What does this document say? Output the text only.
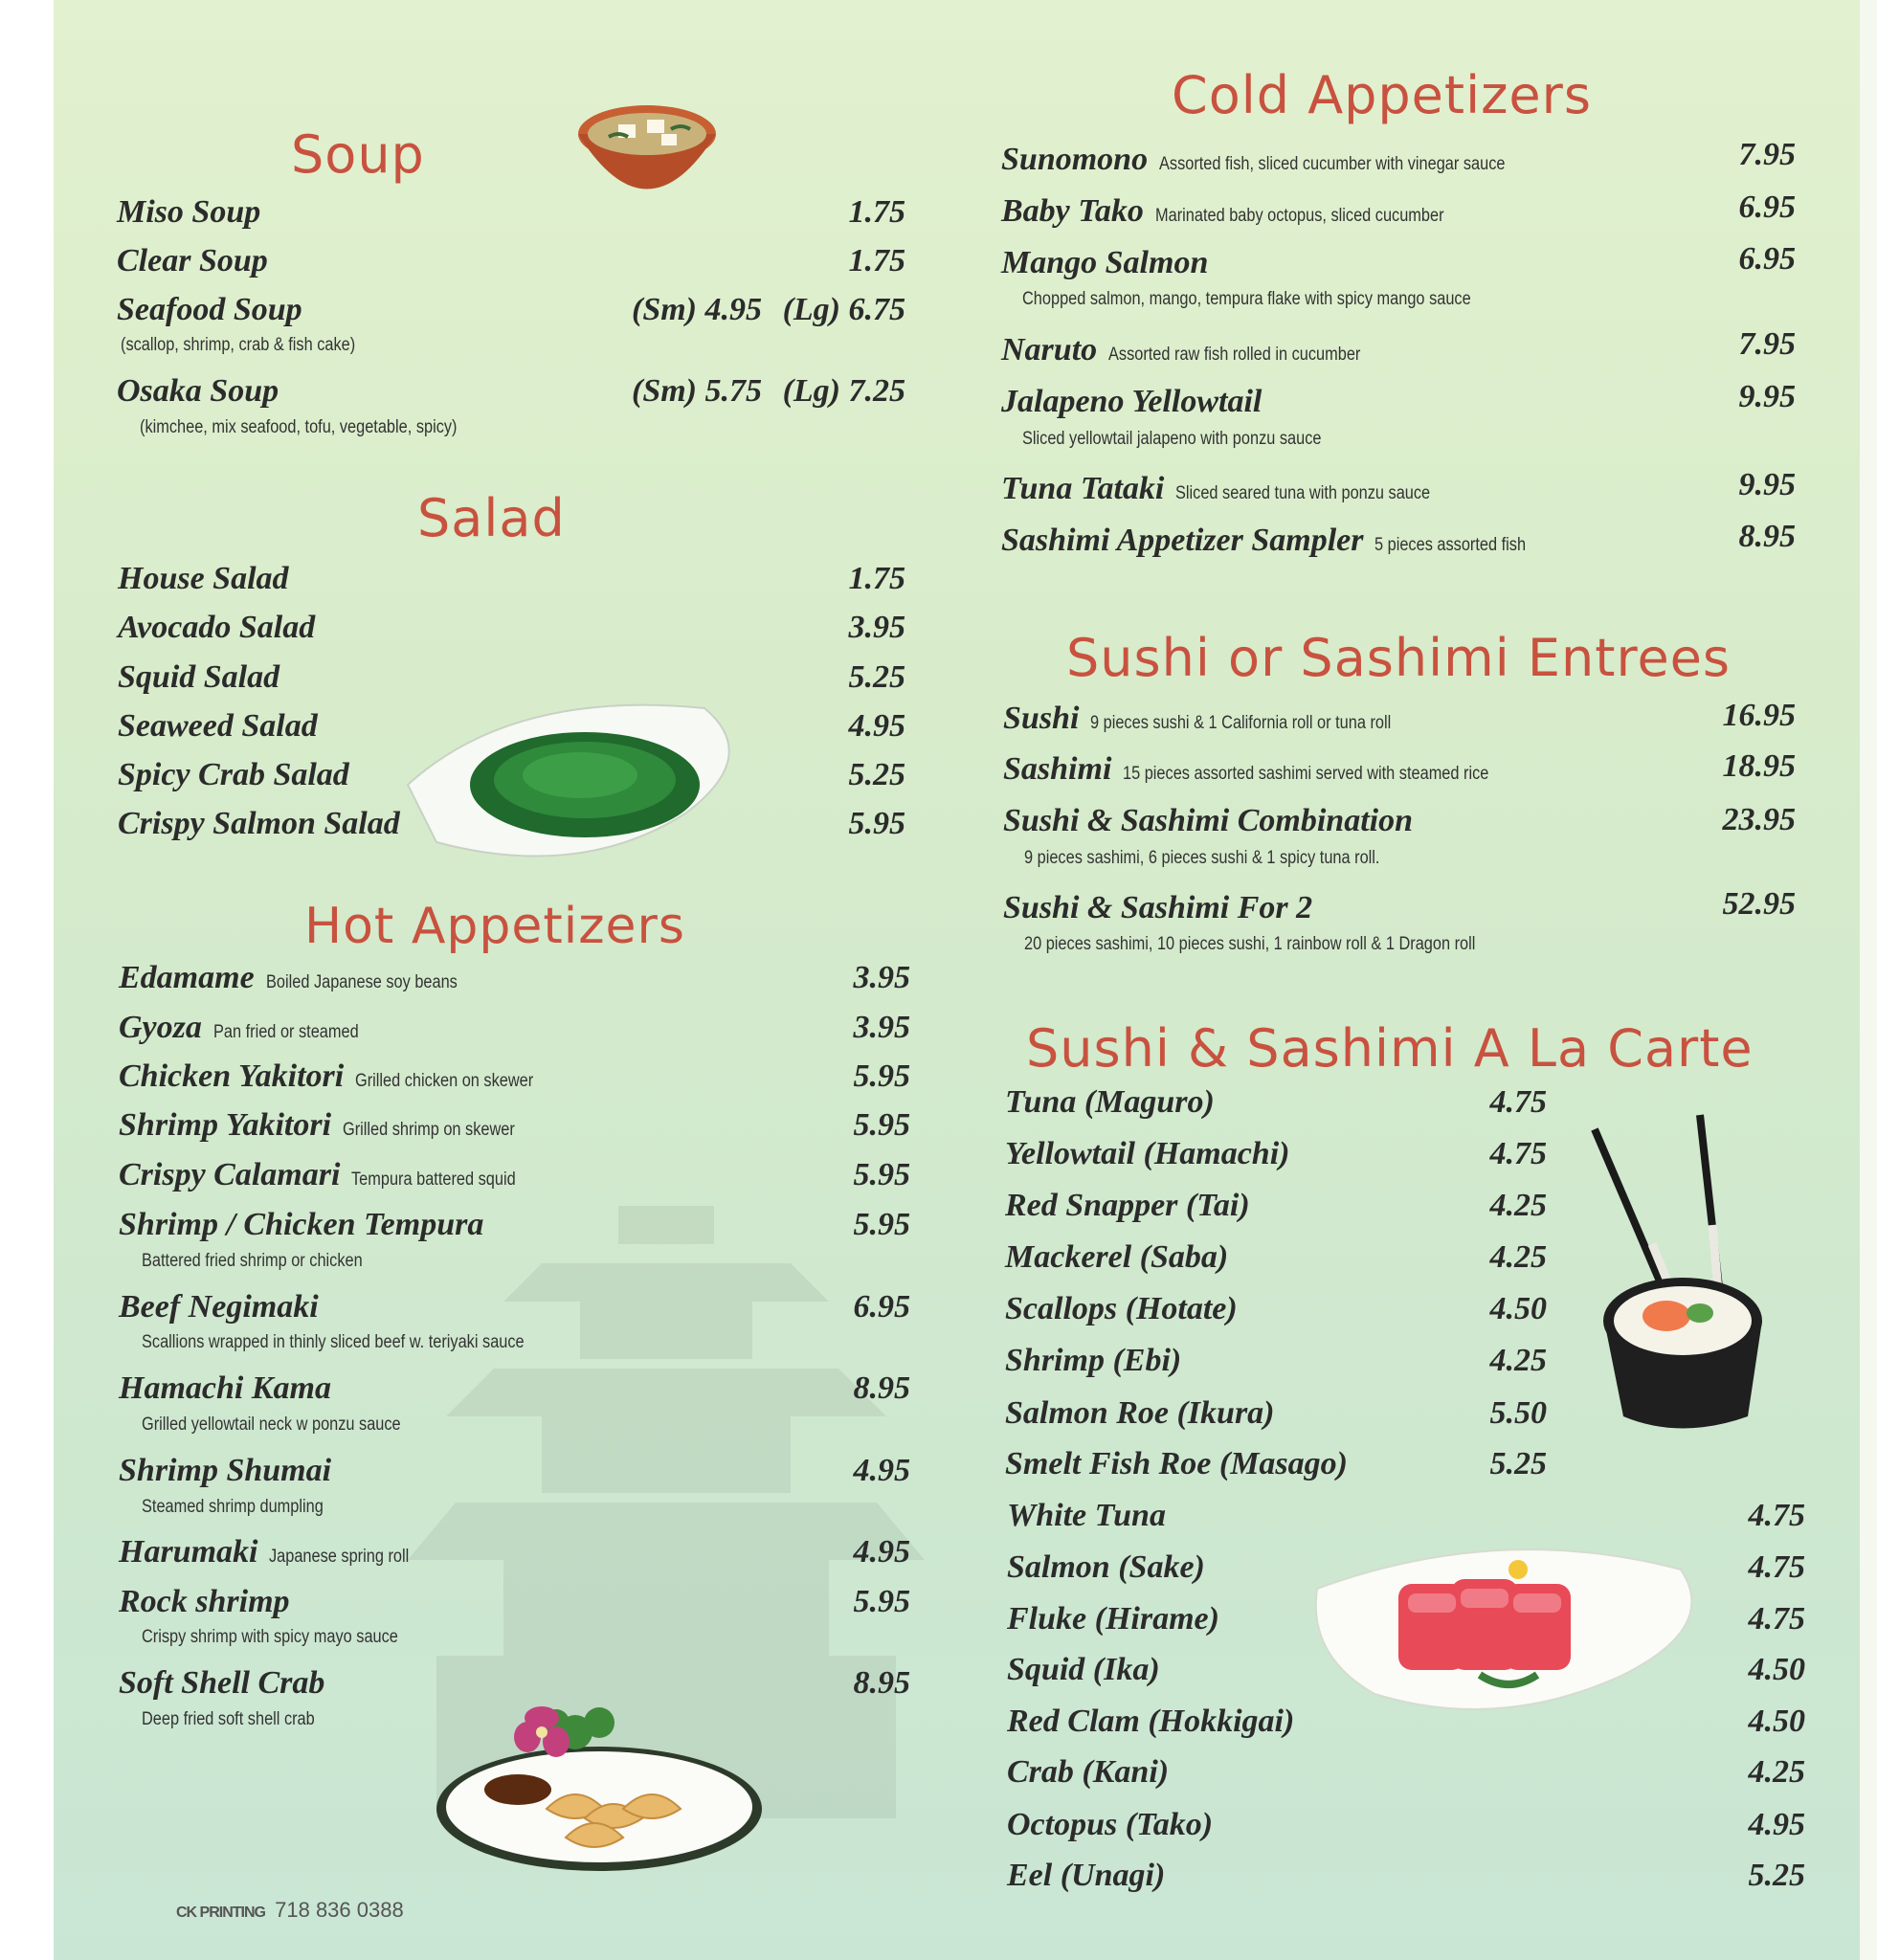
Soup
Miso Soup	1.75
Clear Soup	1.75
Seafood Soup	(Sm) 4.95 (Lg) 6.75
(scallop, shrimp, crab & fish cake)
Osaka Soup	(Sm) 5.75 (Lg) 7.25
(kimchee, mix seafood, tofu, vegetable, spicy)
Salad
House Salad	1.75
Avocado Salad	3.95
Squid Salad	5.25
Seaweed Salad	4.95
Spicy Crab Salad	5.25
Crispy Salmon Salad	5.95
Hot Appetizers
Edamame Boiled Japanese soy beans	3.95
Gyoza Pan fried or steamed	3.95
Chicken Yakitori Grilled chicken on skewer	5.95
Shrimp Yakitori Grilled shrimp on skewer	5.95
Crispy Calamari Tempura battered squid	5.95
Shrimp / Chicken Tempura	5.95
Battered fried shrimp or chicken
Beef Negimaki	6.95
Scallions wrapped in thinly sliced beef w. teriyaki sauce
Hamachi Kama	8.95
Grilled yellowtail neck w ponzu sauce
Shrimp Shumai	4.95
Steamed shrimp dumpling
Harumaki Japanese spring roll	4.95
Rock shrimp	5.95
Crispy shrimp with spicy mayo sauce
Soft Shell Crab	8.95
Deep fried soft shell crab
Cold Appetizers
Sunomono Assorted fish, sliced cucumber with vinegar sauce	7.95
Baby Tako Marinated baby octopus, sliced cucumber	6.95
Mango Salmon	6.95
Chopped salmon, mango, tempura flake with spicy mango sauce
Naruto Assorted raw fish rolled in cucumber	7.95
Jalapeno Yellowtail	9.95
Sliced yellowtail jalapeno with ponzu sauce
Tuna Tataki Sliced seared tuna with ponzu sauce	9.95
Sashimi Appetizer Sampler 5 pieces assorted fish	8.95
Sushi or Sashimi Entrees
Sushi 9 pieces sushi & 1 California roll or tuna roll	16.95
Sashimi 15 pieces assorted sashimi served with steamed rice	18.95
Sushi & Sashimi Combination	23.95
9 pieces sashimi, 6 pieces sushi & 1 spicy tuna roll.
Sushi & Sashimi For 2	52.95
20 pieces sashimi, 10 pieces sushi, 1 rainbow roll & 1 Dragon roll
Sushi & Sashimi A La Carte
Tuna (Maguro)	4.75
Yellowtail (Hamachi)	4.75
Red Snapper (Tai)	4.25
Mackerel (Saba)	4.25
Scallops (Hotate)	4.50
Shrimp (Ebi)	4.25
Salmon Roe (Ikura)	5.50
Smelt Fish Roe (Masago)	5.25
White Tuna	4.75
Salmon (Sake)	4.75
Fluke (Hirame)	4.75
Squid (Ika)	4.50
Red Clam (Hokkigai)	4.50
Crab (Kani)	4.25
Octopus (Tako)	4.95
Eel (Unagi)	5.25
CK PRINTING 718 836 0388
